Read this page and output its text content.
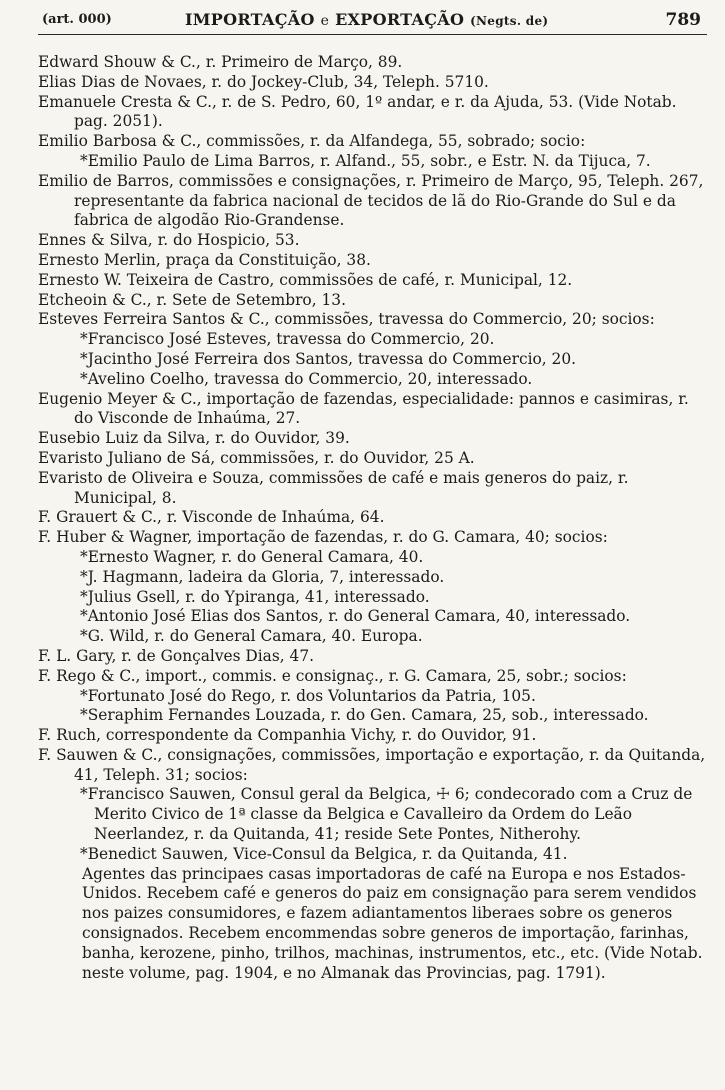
(art. 000)	IMPORTAÇÃO e EXPORTAÇÃO (Negts. de)	789

Edward Shouw & C., r. Primeiro de Março, 89.

Elias Dias de Novaes, r. do Jockey-Club, 34, Teleph. 5710.

Emanuele Cresta & C., r. de S. Pedro, 60, 1º andar, e r. da Ajuda, 53. (Vide Notab. pag. 2051).

Emilio Barbosa & C., commissões, r. da Alfandega, 55, sobrado; socio:

*Emilio Paulo de Lima Barros, r. Alfand., 55, sobr., e Estr. N. da Tijuca, 7.

Emilio de Barros, commissões e consignações, r. Primeiro de Março, 95, Teleph. 267, representante da fabrica nacional de tecidos de lã do Rio-Grande do Sul e da fabrica de algodão Rio-Grandense.

Ennes & Silva, r. do Hospicio, 53.

Ernesto Merlin, praça da Constituição, 38.

Ernesto W. Teixeira de Castro, commissões de café, r. Municipal, 12.

Etcheoin & C., r. Sete de Setembro, 13.

Esteves Ferreira Santos & C., commissões, travessa do Commercio, 20; socios:

*Francisco José Esteves, travessa do Commercio, 20.

*Jacintho José Ferreira dos Santos, travessa do Commercio, 20.

*Avelino Coelho, travessa do Commercio, 20, interessado.

Eugenio Meyer & C., importação de fazendas, especialidade: pannos e casimiras, r. do Visconde de Inhaúma, 27.

Eusebio Luiz da Silva, r. do Ouvidor, 39.

Evaristo Juliano de Sá, commissões, r. do Ouvidor, 25 A.

Evaristo de Oliveira e Souza, commissões de café e mais generos do paiz, r. Municipal, 8.

F. Grauert & C., r. Visconde de Inhaúma, 64.

F. Huber & Wagner, importação de fazendas, r. do G. Camara, 40; socios:

*Ernesto Wagner, r. do General Camara, 40.

*J. Hagmann, ladeira da Gloria, 7, interessado.

*Julius Gsell, r. do Ypiranga, 41, interessado.

*Antonio José Elias dos Santos, r. do General Camara, 40, interessado.

*G. Wild, r. do General Camara, 40. Europa.

F. L. Gary, r. de Gonçalves Dias, 47.

F. Rego & C., import., commis. e consignaç., r. G. Camara, 25, sobr.; socios:

*Fortunato José do Rego, r. dos Voluntarios da Patria, 105.

*Seraphim Fernandes Louzada, r. do Gen. Camara, 25, sob., interessado.

F. Ruch, correspondente da Companhia Vichy, r. do Ouvidor, 91.

F. Sauwen & C., consignações, commissões, importação e exportação, r. da Quitanda, 41, Teleph. 31; socios:

*Francisco Sauwen, Consul geral da Belgica, ☩ 6; condecorado com a Cruz de Merito Civico de 1ª classe da Belgica e Cavalleiro da Ordem do Leão Neerlandez, r. da Quitanda, 41; reside Sete Pontes, Nitherohy.

*Benedict Sauwen, Vice-Consul da Belgica, r. da Quitanda, 41.

Agentes das principaes casas importadoras de café na Europa e nos Estados-Unidos. Recebem café e generos do paiz em consignação para serem vendidos nos paizes consumidores, e fazem adiantamentos liberaes sobre os generos consignados. Recebem encommendas sobre generos de importação, farinhas, banha, kerozene, pinho, trilhos, machinas, instrumentos, etc., etc. (Vide Notab. neste volume, pag. 1904, e no Almanak das Provincias, pag. 1791).
